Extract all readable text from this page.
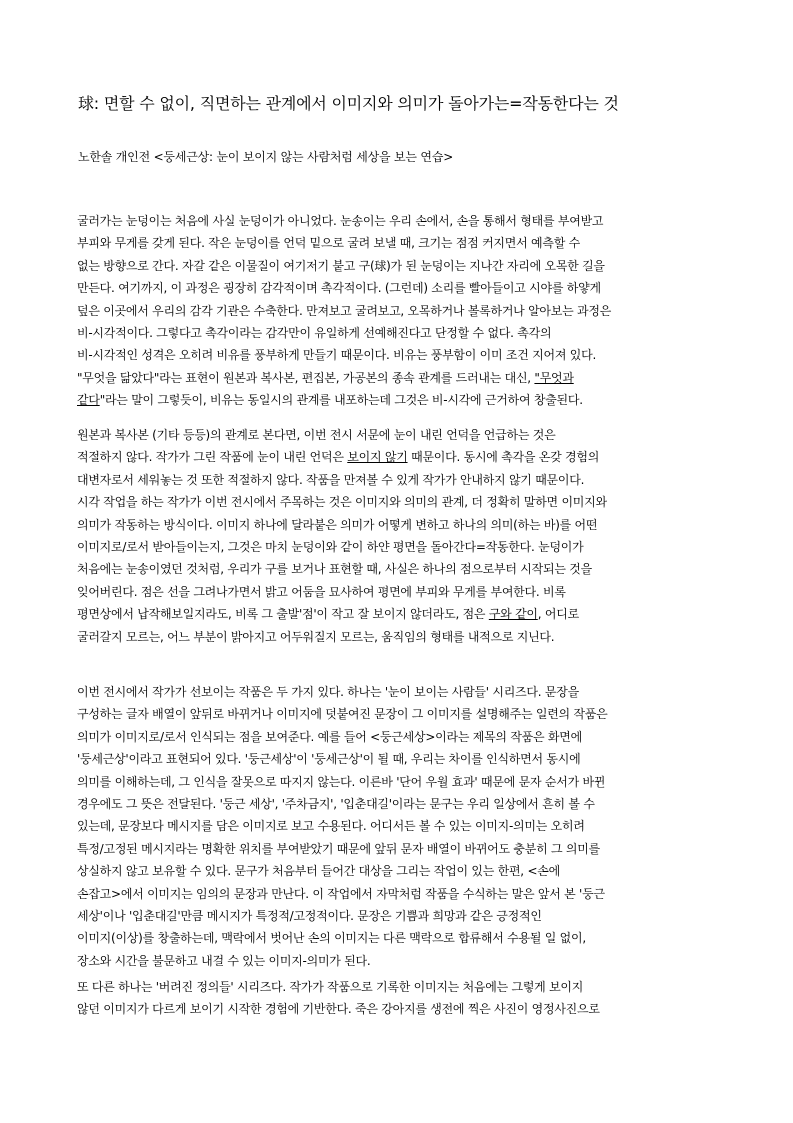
球: 면할 수 없이, 직면하는 관계에서 이미지와 의미가 돌아가는=작동한다는 것
노한솔 개인전 <둥세근상: 눈이 보이지 않는 사람처럼 세상을 보는 연습>
굴러가는 눈덩이는 처음에 사실 눈덩이가 아니었다. 눈송이는 우리 손에서, 손을 통해서 형태를 부여받고
부피와 무게를 갖게 된다. 작은 눈덩이를 언덕 밑으로 굴려 보낼 때, 크기는 점점 커지면서 예측할 수
없는 방향으로 간다. 자갈 같은 이물질이 여기저기 붙고 구(球)가 된 눈덩이는 지나간 자리에 오목한 길을
만든다. 여기까지, 이 과정은 굉장히 감각적이며 촉각적이다. (그런데) 소리를 빨아들이고 시야를 하얗게
덮은 이곳에서 우리의 감각 기관은 수축한다. 만져보고 굴려보고, 오목하거나 볼록하거나 알아보는 과정은
비-시각적이다. 그렇다고 촉각이라는 감각만이 유일하게 선예해진다고 단정할 수 없다. 촉각의
비-시각적인 성격은 오히려 비유를 풍부하게 만들기 때문이다. 비유는 풍부함이 이미 조건 지어져 있다.
"무엇을 닮았다"라는 표현이 원본과 복사본, 편집본, 가공본의 종속 관계를 드러내는 대신, "무엇과
같다"라는 말이 그렇듯이, 비유는 동일시의 관계를 내포하는데 그것은 비-시각에 근거하여 창출된다.
원본과 복사본 (기타 등등)의 관계로 본다면, 이번 전시 서문에 눈이 내린 언덕을 언급하는 것은
적절하지 않다. 작가가 그린 작품에 눈이 내린 언덕은 보이지 않기 때문이다. 동시에 촉각을 온갖 경험의
대변자로서 세워놓는 것 또한 적절하지 않다. 작품을 만져볼 수 있게 작가가 안내하지 않기 때문이다.
시각 작업을 하는 작가가 이번 전시에서 주목하는 것은 이미지와 의미의 관계, 더 정확히 말하면 이미지와
의미가 작동하는 방식이다. 이미지 하나에 달라붙은 의미가 어떻게 변하고 하나의 의미(하는 바)를 어떤
이미지로/로서 받아들이는지, 그것은 마치 눈덩이와 같이 하얀 평면을 돌아간다=작동한다. 눈덩이가
처음에는 눈송이였던 것처럼, 우리가 구를 보거나 표현할 때, 사실은 하나의 점으로부터 시작되는 것을
잊어버린다. 점은 선을 그려나가면서 밝고 어둠을 묘사하여 평면에 부피와 무게를 부여한다. 비록
평면상에서 납작해보일지라도, 비록 그 출발'점'이 작고 잘 보이지 않더라도, 점은 구와 같이, 어디로
굴러갈지 모르는, 어느 부분이 밝아지고 어두워질지 모르는, 움직임의 형태를 내적으로 지닌다.
이번 전시에서 작가가 선보이는 작품은 두 가지 있다. 하나는 '눈이 보이는 사람들' 시리즈다. 문장을
구성하는 글자 배열이 앞뒤로 바뀌거나 이미지에 덧붙여진 문장이 그 이미지를 설명해주는 일련의 작품은
의미가 이미지로/로서 인식되는 점을 보여준다. 예를 들어 <둥근세상>이라는 제목의 작품은 화면에
'둥세근상'이라고 표현되어 있다. '둥근세상'이 '둥세근상'이 될 때, 우리는 차이를 인식하면서 동시에
의미를 이해하는데, 그 인식을 잘못으로 따지지 않는다. 이른바 '단어 우월 효과' 때문에 문자 순서가 바뀐
경우에도 그 뜻은 전달된다. '둥근 세상', '주차금지', '입춘대길'이라는 문구는 우리 일상에서 흔히 볼 수
있는데, 문장보다 메시지를 담은 이미지로 보고 수용된다. 어디서든 볼 수 있는 이미지-의미는 오히려
특정/고정된 메시지라는 명확한 위치를 부여받았기 때문에 앞뒤 문자 배열이 바뀌어도 충분히 그 의미를
상실하지 않고 보유할 수 있다. 문구가 처음부터 들어간 대상을 그리는 작업이 있는 한편, <손에
손잡고>에서 이미지는 임의의 문장과 만난다. 이 작업에서 자막처럼 작품을 수식하는 말은 앞서 본 '둥근
세상'이나 '입춘대길'만큼 메시지가 특정적/고정적이다. 문장은 기쁨과 희망과 같은 긍정적인
이미지(이상)를 창출하는데, 맥락에서 벗어난 손의 이미지는 다른 맥락으로 합류해서 수용될 일 없이,
장소와 시간을 불문하고 내걸 수 있는 이미지-의미가 된다.
또 다른 하나는 '버려진 정의들' 시리즈다. 작가가 작품으로 기록한 이미지는 처음에는 그렇게 보이지
않던 이미지가 다르게 보이기 시작한 경험에 기반한다. 죽은 강아지를 생전에 찍은 사진이 영정사진으로
